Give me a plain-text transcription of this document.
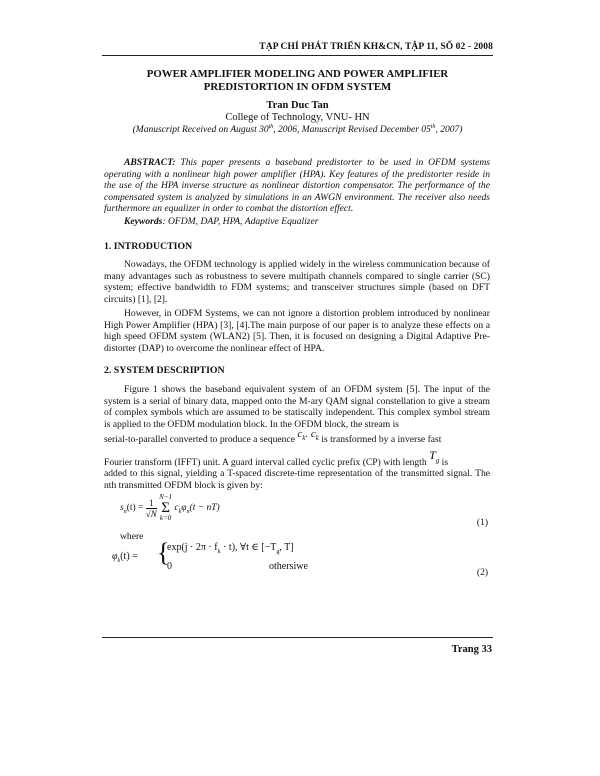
TẠP CHÍ PHÁT TRIỂN KH&CN, TẬP 11, SỐ 02 - 2008
POWER AMPLIFIER MODELING AND POWER AMPLIFIER
PREDISTORTION IN OFDM SYSTEM
Tran Duc Tan
College of Technology, VNU- HN
(Manuscript Received on August 30th, 2006, Manuscript Revised December 05th, 2007)

ABSTRACT: This paper presents a baseband predistorter to be used in OFDM systems operating with a nonlinear high power amplifier (HPA). Key features of the predistorter reside in the use of the HPA inverse structure as nonlinear distortion compensator. The performance of the compensated system is analyzed by simulations in an AWGN environment. The receiver also needs furthermore an equalizer in order to combat the distortion effect.

Keywords: OFDM, DAP, HPA, Adaptive Equalizer

1. INTRODUCTION

Nowadays, the OFDM technology is applied widely in the wireless communication because of many advantages such as robustness to severe multipath channels compared to single carrier (SC) system; effective bandwidth to FDM systems; and transceiver structures simple (based on DFT circuits) [1], [2].

However, in ODFM Systems, we can not ignore a distortion problem introduced by nonlinear High Power Amplifier (HPA) [3], [4].The main purpose of our paper is to analyze these effects on a high speed OFDM system (WLAN2) [5]. Then, it is focused on designing a Digital Adaptive Pre-distorter (DAP) to overcome the nonlinear effect of HPA.

2. SYSTEM DESCRIPTION

Figure 1 shows the baseband equivalent system of an OFDM system [5]. The input of the system is a serial of binary data, mapped onto the M-ary QAM signal constellation to give a stream of complex symbols which are assumed to be statiscally independent. This complex symbol stream is applied to the OFDM modulation block. In the OFDM block, the stream is

serial-to-parallel converted to produce a sequence $c_k$. $c_k$ is transformed by a inverse fast

Fourier transform (IFFT) unit. A guard interval called cyclic prefix (CP) with length $T_g$ is

added to this signal, yielding a T-spaced discrete-time representation of the transmitted signal. The nth transmitted OFDM block is given by:

$s_n(t) = \frac{1}{√N}$
N−1
Σ
k=0 $c_k\varphi_n(t - nT)$
(1)
where
$\varphi_k(t)$ = {
$\exp(j \cdot 2\pi \cdot f_k \cdot t)$, ∀t ∈ [$-T_g$, T]
0	othersiwe
(2)
Trang 33
